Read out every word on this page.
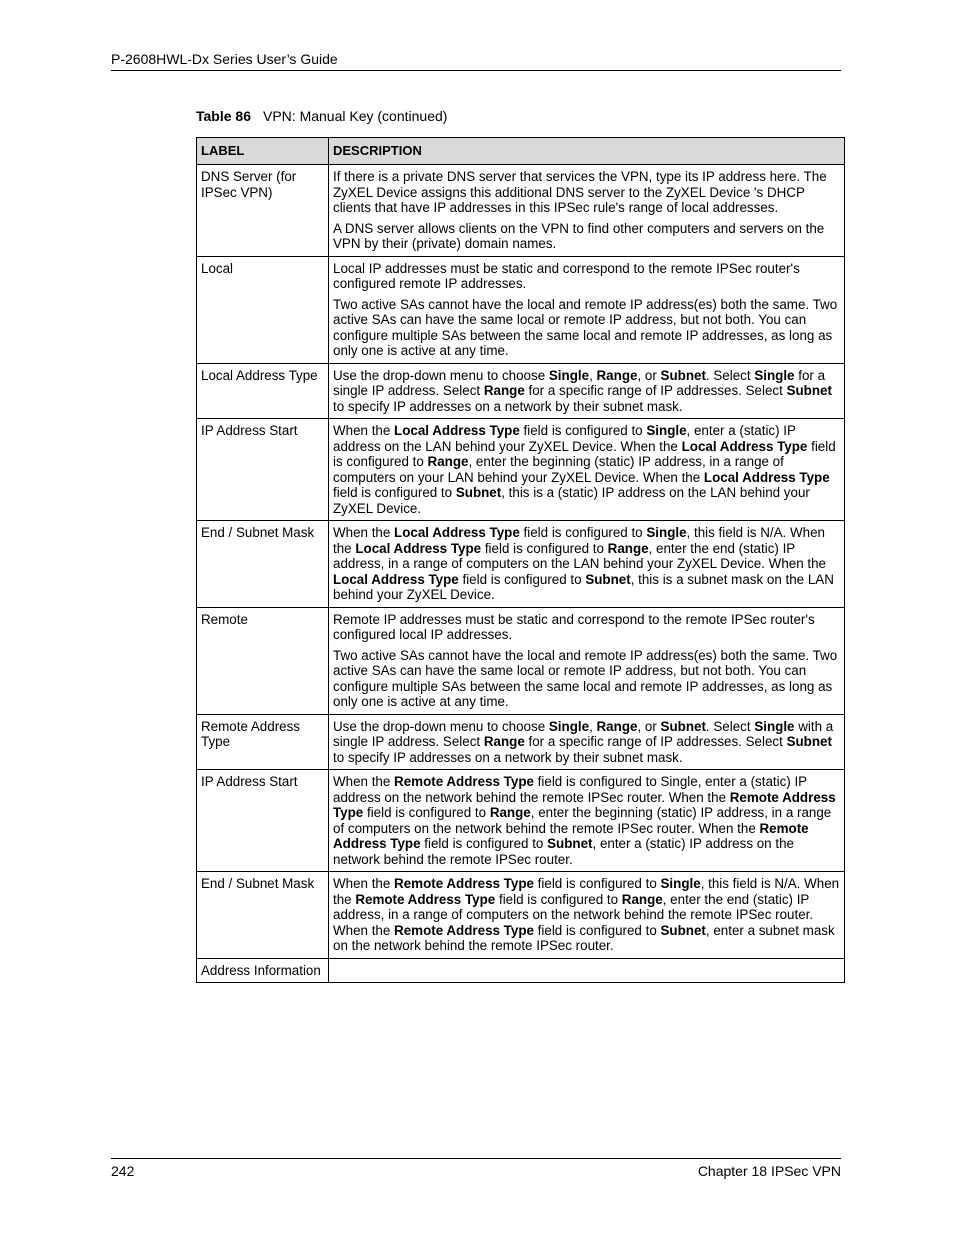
P-2608HWL-Dx Series User’s Guide
Table 86 VPN: Manual Key (continued)
LABEL	DESCRIPTION
DNS Server (for IPSec VPN)	If there is a private DNS server that services the VPN, type its IP address here. The ZyXEL Device assigns this additional DNS server to the ZyXEL Device 's DHCP clients that have IP addresses in this IPSec rule's range of local addresses.
A DNS server allows clients on the VPN to find other computers and servers on the VPN by their (private) domain names.

Local	Local IP addresses must be static and correspond to the remote IPSec router's configured remote IP addresses.
Two active SAs cannot have the local and remote IP address(es) both the same. Two active SAs can have the same local or remote IP address, but not both. You can configure multiple SAs between the same local and remote IP addresses, as long as only one is active at any time.

Local Address Type	Use the drop-down menu to choose Single, Range, or Subnet. Select Single for a single IP address. Select Range for a specific range of IP addresses. Select Subnet to specify IP addresses on a network by their subnet mask.

IP Address Start	When the Local Address Type field is configured to Single, enter a (static) IP address on the LAN behind your ZyXEL Device. When the Local Address Type field is configured to Range, enter the beginning (static) IP address, in a range of computers on your LAN behind your ZyXEL Device. When the Local Address Type field is configured to Subnet, this is a (static) IP address on the LAN behind your ZyXEL Device.

End / Subnet Mask	When the Local Address Type field is configured to Single, this field is N/A. When the Local Address Type field is configured to Range, enter the end (static) IP address, in a range of computers on the LAN behind your ZyXEL Device. When the Local Address Type field is configured to Subnet, this is a subnet mask on the LAN behind your ZyXEL Device.

Remote	Remote IP addresses must be static and correspond to the remote IPSec router's configured local IP addresses.
Two active SAs cannot have the local and remote IP address(es) both the same. Two active SAs can have the same local or remote IP address, but not both. You can configure multiple SAs between the same local and remote IP addresses, as long as only one is active at any time.

Remote Address Type	Use the drop-down menu to choose Single, Range, or Subnet. Select Single with a single IP address. Select Range for a specific range of IP addresses. Select Subnet to specify IP addresses on a network by their subnet mask.

IP Address Start	When the Remote Address Type field is configured to Single, enter a (static) IP address on the network behind the remote IPSec router. When the Remote Address Type field is configured to Range, enter the beginning (static) IP address, in a range of computers on the network behind the remote IPSec router. When the Remote Address Type field is configured to Subnet, enter a (static) IP address on the network behind the remote IPSec router.

End / Subnet Mask	When the Remote Address Type field is configured to Single, this field is N/A. When the Remote Address Type field is configured to Range, enter the end (static) IP address, in a range of computers on the network behind the remote IPSec router. When the Remote Address Type field is configured to Subnet, enter a subnet mask on the network behind the remote IPSec router.

Address Information	
242	Chapter 18 IPSec VPN
